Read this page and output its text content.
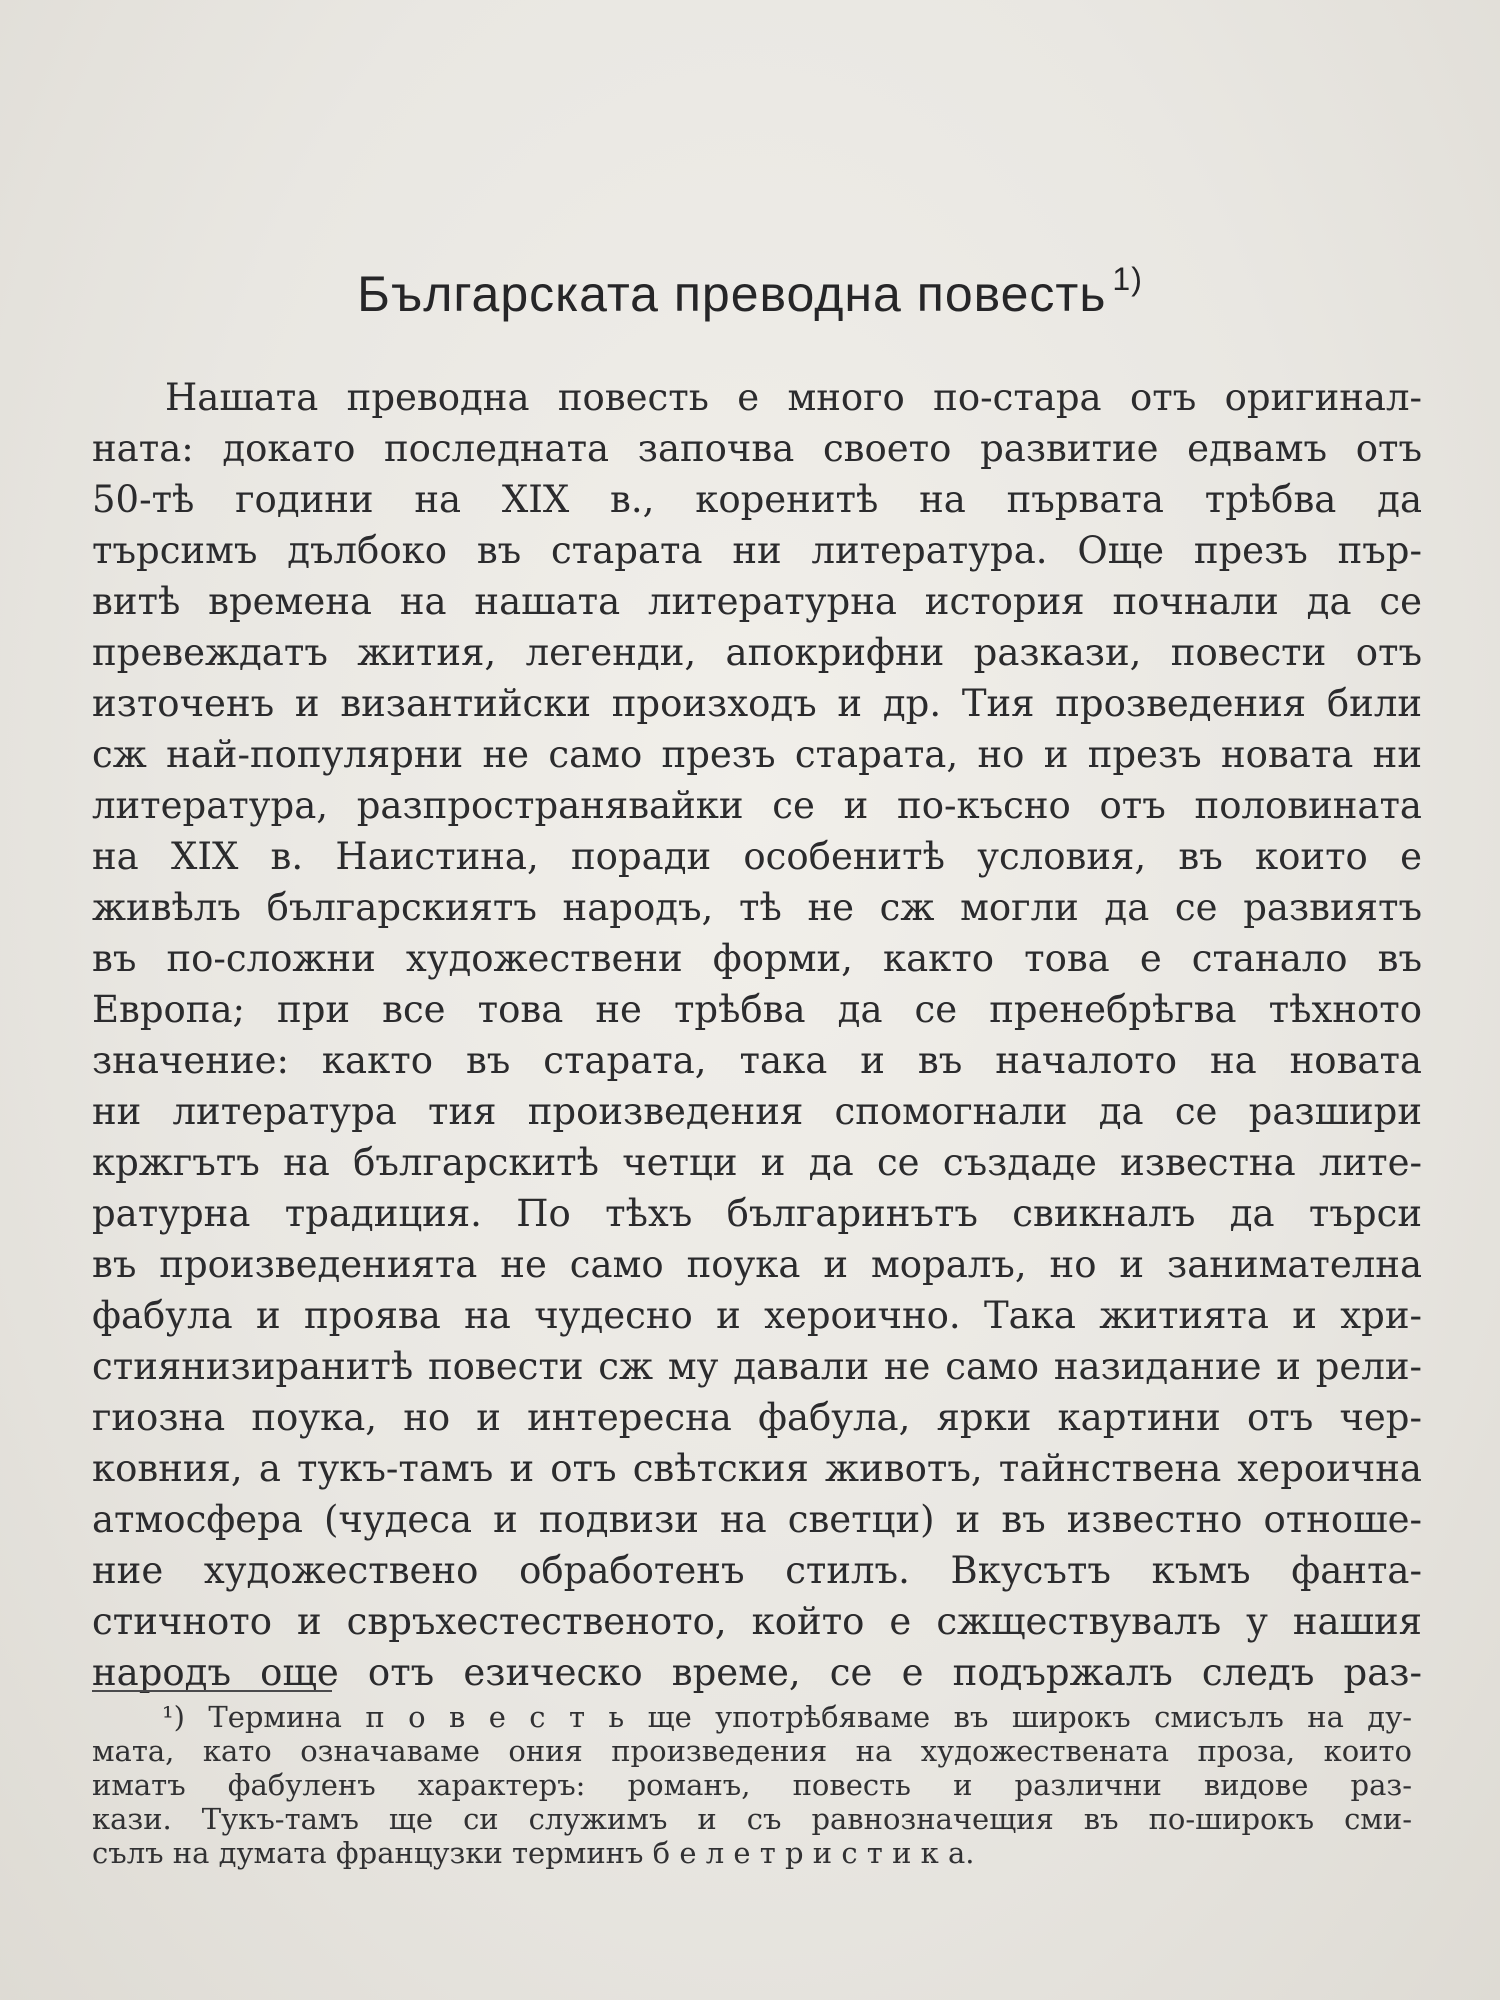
Българската преводна повесть $^{1)}$
Нашата преводна повесть е много по-стара отъ оригинал-
ната: докато последната започва своето развитие едвамъ отъ
50-тѣ години на XIX в., коренитѣ на първата трѣбва да
търсимъ дълбоко въ старата ни литература. Още презъ пър-
витѣ времена на нашата литературна история почнали да се
превеждатъ жития, легенди, апокрифни разкази, повести отъ
източенъ и византийски произходъ и др. Тия прозведения били
сж най-популярни не само презъ старата, но и презъ новата ни
литература, разпространявайки се и по-късно отъ половината
на XIX в. Наистина, поради особенитѣ условия, въ които е
живѣлъ българскиятъ народъ, тѣ не сж могли да се развиятъ
въ по-сложни художествени форми, както това е станало въ
Европа; при все това не трѣбва да се пренебрѣгва тѣхното
значение: както въ старата, така и въ началото на новата
ни литература тия произведения спомогнали да се разшири
кржгътъ на българскитѣ четци и да се създаде известна лите-
ратурна традиция. По тѣхъ българинътъ свикналъ да търси
въ произведенията не само поука и моралъ, но и занимателна
фабула и проява на чудесно и хероично. Така житията и хри-
стиянизиранитѣ повести сж му давали не само назидание и рели-
гиозна поука, но и интересна фабула, ярки картини отъ чер-
ковния, а тукъ-тамъ и отъ свѣтския животъ, тайнствена хероична
атмосфера (чудеса и подвизи на светци) и въ известно отноше-
ние художествено обработенъ стилъ. Вкусътъ къмъ фанта-
стичното и свръхестественото, който е сжществувалъ у нашия
народъ още отъ езическо време, се е подържалъ следъ раз-
¹) Термина п о в е с т ь ще употрѣбяваме въ широкъ смисълъ на ду-
мата, като означаваме ония произведения на художествената проза, които
иматъ фабуленъ характеръ: романъ, повесть и различни видове раз-
кази. Тукъ-тамъ ще си служимъ и съ равнозначещия въ по-широкъ сми-
сълъ на думата французки терминъ б е л е т р и с т и к а.
